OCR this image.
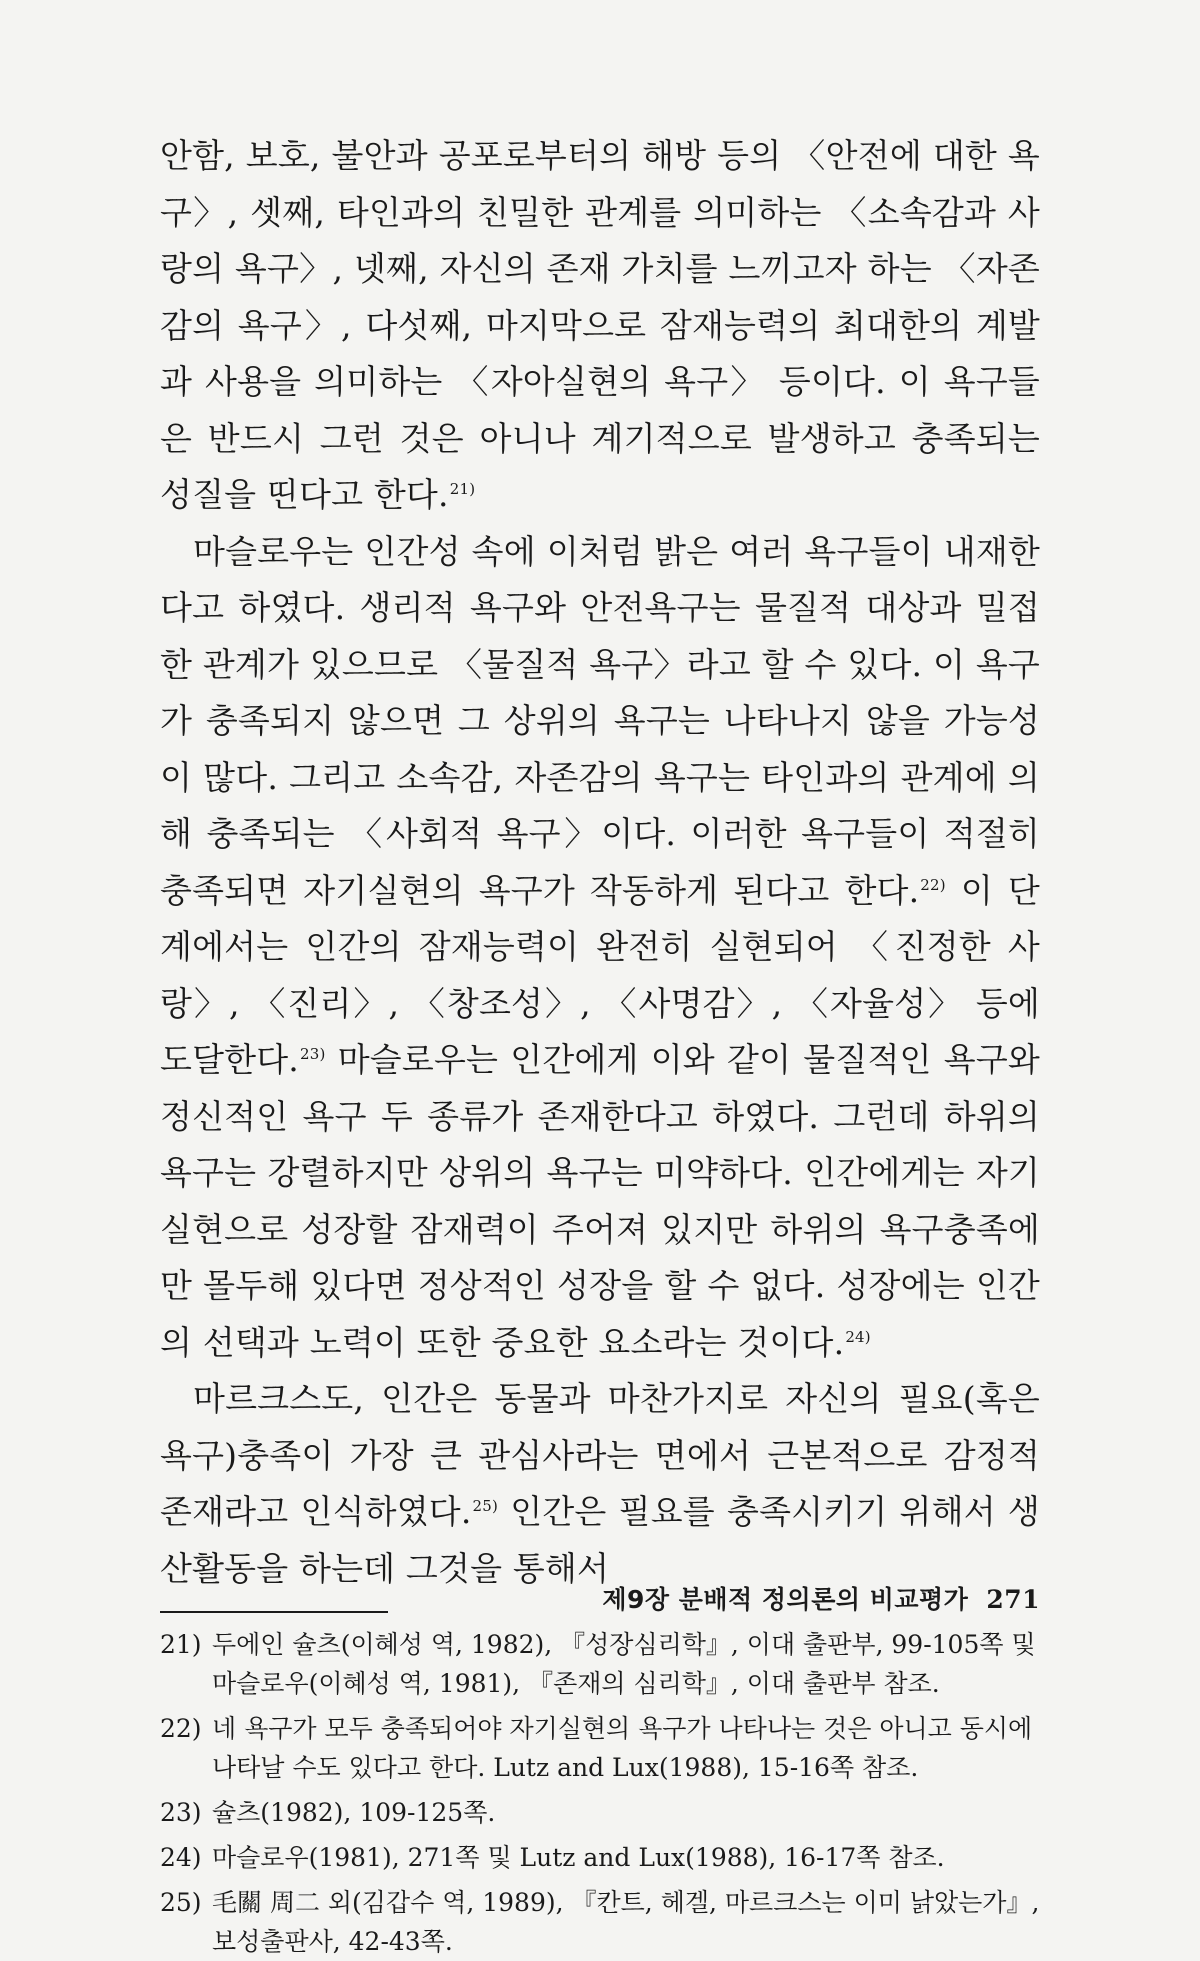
안함, 보호, 불안과 공포로부터의 해방 등의 〈안전에 대한 욕구〉, 셋째, 타인과의 친밀한 관계를 의미하는 〈소속감과 사랑의 욕구〉, 넷째, 자신의 존재 가치를 느끼고자 하는 〈자존감의 욕구〉, 다섯째, 마지막으로 잠재능력의 최대한의 계발과 사용을 의미하는 〈자아실현의 욕구〉 등이다. 이 욕구들은 반드시 그런 것은 아니나 계기적으로 발생하고 충족되는 성질을 띤다고 한다.$^{21)}$

마슬로우는 인간성 속에 이처럼 밝은 여러 욕구들이 내재한다고 하였다. 생리적 욕구와 안전욕구는 물질적 대상과 밀접한 관계가 있으므로 〈물질적 욕구〉라고 할 수 있다. 이 욕구가 충족되지 않으면 그 상위의 욕구는 나타나지 않을 가능성이 많다. 그리고 소속감, 자존감의 욕구는 타인과의 관계에 의해 충족되는 〈사회적 욕구〉이다. 이러한 욕구들이 적절히 충족되면 자기실현의 욕구가 작동하게 된다고 한다.$^{22)}$ 이 단계에서는 인간의 잠재능력이 완전히 실현되어 〈진정한 사랑〉, 〈진리〉, 〈창조성〉, 〈사명감〉, 〈자율성〉 등에 도달한다.$^{23)}$ 마슬로우는 인간에게 이와 같이 물질적인 욕구와 정신적인 욕구 두 종류가 존재한다고 하였다. 그런데 하위의 욕구는 강렬하지만 상위의 욕구는 미약하다. 인간에게는 자기실현으로 성장할 잠재력이 주어져 있지만 하위의 욕구충족에만 몰두해 있다면 정상적인 성장을 할 수 없다. 성장에는 인간의 선택과 노력이 또한 중요한 요소라는 것이다.$^{24)}$

마르크스도, 인간은 동물과 마찬가지로 자신의 필요(혹은 욕구)충족이 가장 큰 관심사라는 면에서 근본적으로 감정적 존재라고 인식하였다.$^{25)}$ 인간은 필요를 충족시키기 위해서 생산활동을 하는데 그것을 통해서

21) 두에인 슐츠(이혜성 역, 1982), 『성장심리학』, 이대 출판부, 99-105쪽 및 마슬로우(이혜성 역, 1981), 『존재의 심리학』, 이대 출판부 참조.
22) 네 욕구가 모두 충족되어야 자기실현의 욕구가 나타나는 것은 아니고 동시에 나타날 수도 있다고 한다. Lutz and Lux(1988), 15-16쪽 참조.
23) 슐츠(1982), 109-125쪽.
24) 마슬로우(1981), 271쪽 및 Lutz and Lux(1988), 16-17쪽 참조.
25) 毛關 周二 외(김갑수 역, 1989), 『칸트, 헤겔, 마르크스는 이미 낡았는가』, 보성출판사, 42-43쪽.
제9장 분배적 정의론의 비교평가 271
